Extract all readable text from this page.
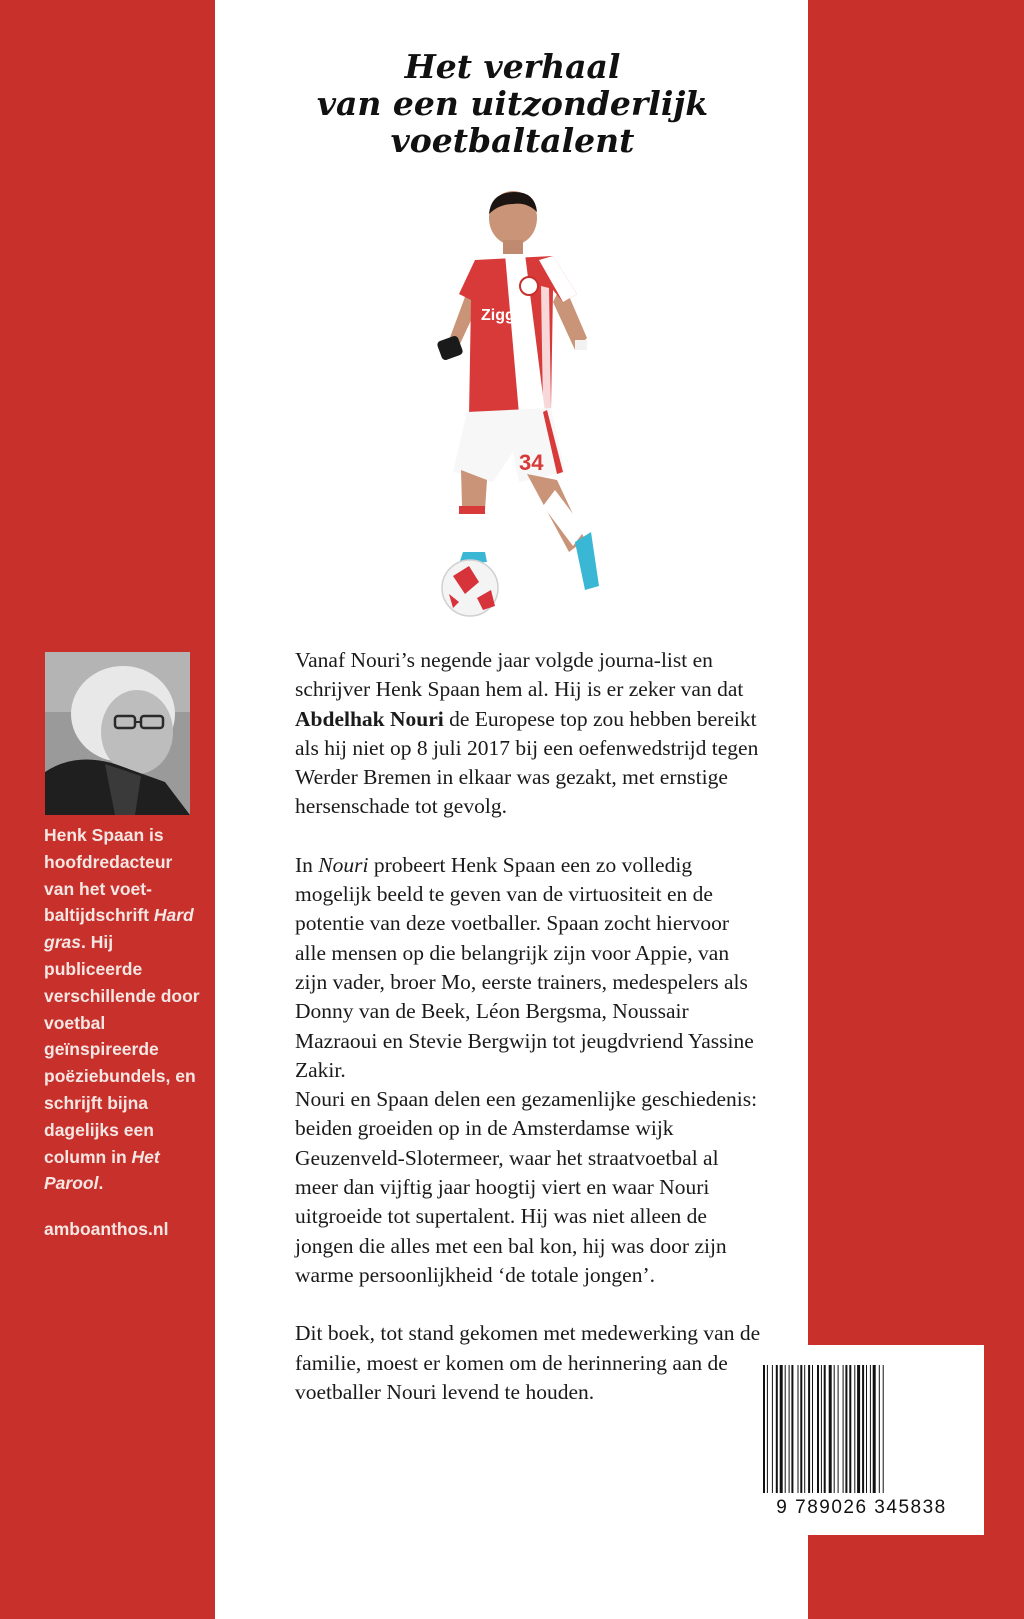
Het verhaal
van een uitzonderlijk
voetbaltalent
Ziggo
34
Henk Spaan is hoofdredacteur van het voet-baltijdschrift Hard gras. Hij publiceerde verschillende door voetbal geïnspireerde poëziebundels, en schrijft bijna dagelijks een column in Het Parool.
amboanthos.nl

Vanaf Nouri’s negende jaar volgde journa-list en schrijver Henk Spaan hem al. Hij is er zeker van dat Abdelhak Nouri de Europese top zou hebben bereikt als hij niet op 8 juli 2017 bij een oefenwedstrijd tegen Werder Bremen in elkaar was gezakt, met ernstige hersenschade tot gevolg.

In Nouri probeert Henk Spaan een zo volledig mogelijk beeld te geven van de virtuositeit en de potentie van deze voetballer. Spaan zocht hiervoor alle mensen op die belangrijk zijn voor Appie, van zijn vader, broer Mo, eerste trainers, medespelers als Donny van de Beek, Léon Bergsma, Noussair Mazraoui en Stevie Bergwijn tot jeugdvriend Yassine Zakir.

Nouri en Spaan delen een gezamenlijke geschiedenis: beiden groeiden op in de Amsterdamse wijk Geuzenveld-Slotermeer, waar het straatvoetbal al meer dan vijftig jaar hoogtij viert en waar Nouri uitgroeide tot supertalent. Hij was niet alleen de jongen die alles met een bal kon, hij was door zijn warme persoonlijkheid ‘de totale jongen’.

Dit boek, tot stand gekomen met medewerking van de familie, moest er komen om de herinnering aan de voetballer Nouri levend te houden.

9 789026 345838
